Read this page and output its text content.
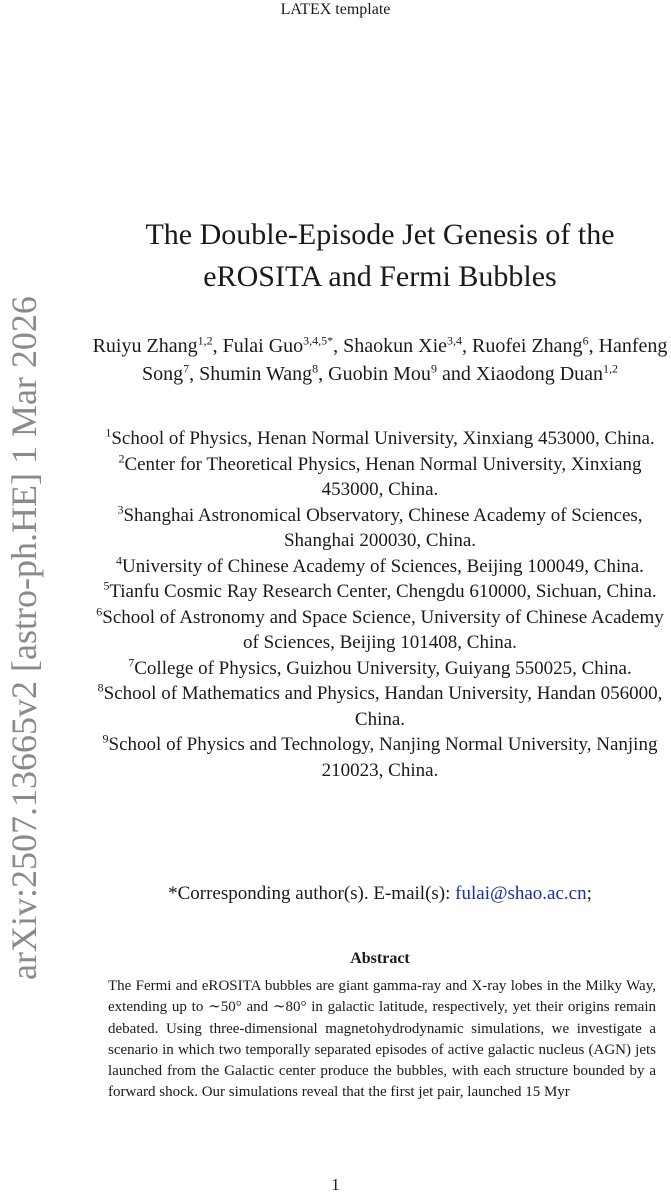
LATEX template
arXiv:2507.13665v2 [astro-ph.HE] 1 Mar 2026
The Double-Episode Jet Genesis of the
eROSITA and Fermi Bubbles
Ruiyu Zhang$^{1,2}$, Fulai Guo$^{3,4,5*}$, Shaokun Xie$^{3,4}$, Ruofei Zhang$^6$, Hanfeng Song$^7$, Shumin Wang$^8$, Guobin Mou$^9$ and Xiaodong Duan$^{1,2}$

$^1$School of Physics, Henan Normal University, Xinxiang 453000, China.

$^2$Center for Theoretical Physics, Henan Normal University, Xinxiang 453000, China.

$^3$Shanghai Astronomical Observatory, Chinese Academy of Sciences, Shanghai 200030, China.

$^4$University of Chinese Academy of Sciences, Beijing 100049, China.

$^5$Tianfu Cosmic Ray Research Center, Chengdu 610000, Sichuan, China.

$^6$School of Astronomy and Space Science, University of Chinese Academy of Sciences, Beijing 101408, China.

$^7$College of Physics, Guizhou University, Guiyang 550025, China.

$^8$School of Mathematics and Physics, Handan University, Handan 056000, China.

$^9$School of Physics and Technology, Nanjing Normal University, Nanjing 210023, China.

*Corresponding author(s). E-mail(s): fulai@shao.ac.cn;
Abstract
The Fermi and eROSITA bubbles are giant gamma-ray and X-ray lobes in the Milky Way, extending up to ∼50° and ∼80° in galactic latitude, respectively, yet their origins remain debated. Using three-dimensional magnetohydrodynamic simulations, we investigate a scenario in which two temporally separated episodes of active galactic nucleus (AGN) jets launched from the Galactic center produce the bubbles, with each structure bounded by a forward shock. Our simulations reveal that the first jet pair, launched 15 Myr
1
